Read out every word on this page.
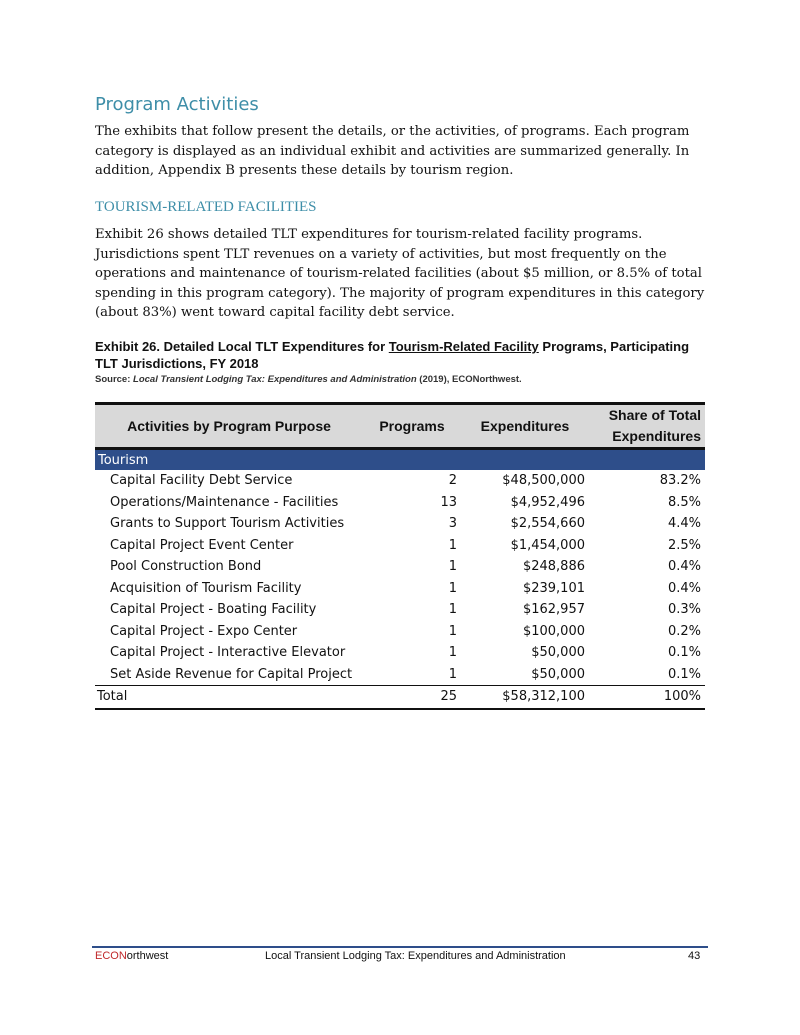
Program Activities
The exhibits that follow present the details, or the activities, of programs. Each program category is displayed as an individual exhibit and activities are summarized generally. In addition, Appendix B presents these details by tourism region.
TOURISM-RELATED FACILITIES
Exhibit 26 shows detailed TLT expenditures for tourism-related facility programs. Jurisdictions spent TLT revenues on a variety of activities, but most frequently on the operations and maintenance of tourism-related facilities (about $5 million, or 8.5% of total spending in this program category). The majority of program expenditures in this category (about 83%) went toward capital facility debt service.
Exhibit 26. Detailed Local TLT Expenditures for Tourism-Related Facility Programs, Participating TLT Jurisdictions, FY 2018
Source: Local Transient Lodging Tax: Expenditures and Administration (2019), ECONorthwest.
Activities by Program Purpose	Programs	Expenditures	Share of Total Expenditures
Tourism			
Capital Facility Debt Service	2	$48,500,000	83.2%
Operations/Maintenance - Facilities	13	$4,952,496	8.5%
Grants to Support Tourism Activities	3	$2,554,660	4.4%
Capital Project Event Center	1	$1,454,000	2.5%
Pool Construction Bond	1	$248,886	0.4%
Acquisition of Tourism Facility	1	$239,101	0.4%
Capital Project - Boating Facility	1	$162,957	0.3%
Capital Project - Expo Center	1	$100,000	0.2%
Capital Project - Interactive Elevator	1	$50,000	0.1%
Set Aside Revenue for Capital Project	1	$50,000	0.1%
Total	25	$58,312,100	100%
ECONorthwest	Local Transient Lodging Tax: Expenditures and Administration	43
